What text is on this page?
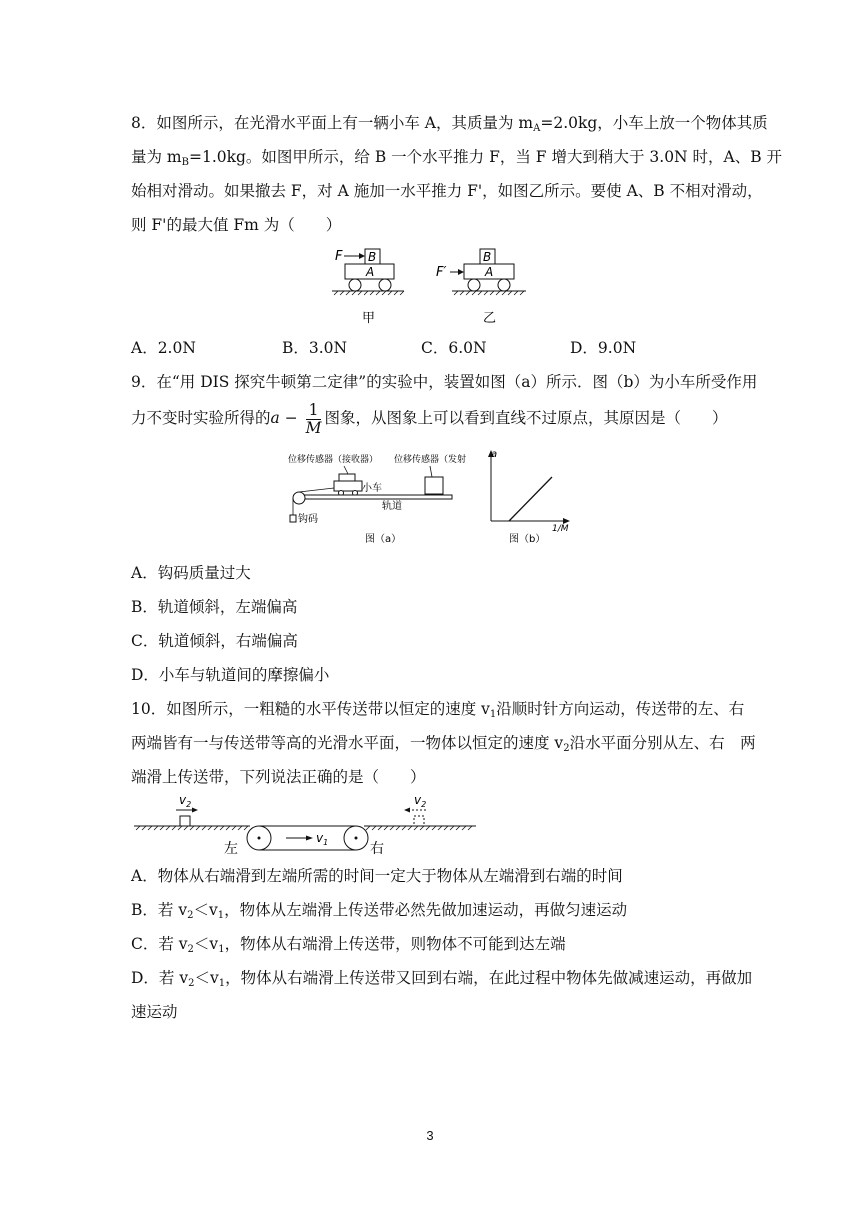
8．如图所示，在光滑水平面上有一辆小车 A，其质量为 $m_A=2.0kg$，小车上放一个物体其质
量为 $m_B=1.0kg$。如图甲所示，给 B 一个水平推力 F，当 F 增大到稍大于 3.0N 时，A、B 开
始相对滑动。如果撤去 F，对 A 施加一水平推力 F'，如图乙所示。要使 A、B 不相对滑动，
则 F'的最大值 Fm 为（　　）
F B
A
甲
F′
B
A
乙
A．2.0N	B．3.0N	C．6.0N	D．9.0N
9．在“用 DIS 探究牛顿第二定律”的实验中，装置如图（a）所示．图（b）为小车所受作用
力不变时实验所得的$a - \frac{1}{M}$ 图象，从图象上可以看到直线不过原点，其原因是（　　）
位移传感器（接收器） 位移传感器（发射
小车
轨道
钩码
图（a）
a
1/M
图（b）
A．钩码质量过大
B．轨道倾斜，左端偏高
C．轨道倾斜，右端偏高
D．小车与轨道间的摩擦偏小
10．如图所示，一粗糙的水平传送带以恒定的速度 $v_1$沿顺时针方向运动，传送带的左、右
两端皆有一与传送带等高的光滑水平面，一物体以恒定的速度 $v_2$沿水平面分别从左、右　两
端滑上传送带，下列说法正确的是（　　）
$v_2$	$v_2$
$v_1$
左	右
A．物体从右端滑到左端所需的时间一定大于物体从左端滑到右端的时间
B．若 $v_2<v_1$，物体从左端滑上传送带必然先做加速运动，再做匀速运动
C．若 $v_2<v_1$，物体从右端滑上传送带，则物体不可能到达左端
D．若 $v_2<v_1$，物体从右端滑上传送带又回到右端，在此过程中物体先做减速运动，再做加
速运动
3
